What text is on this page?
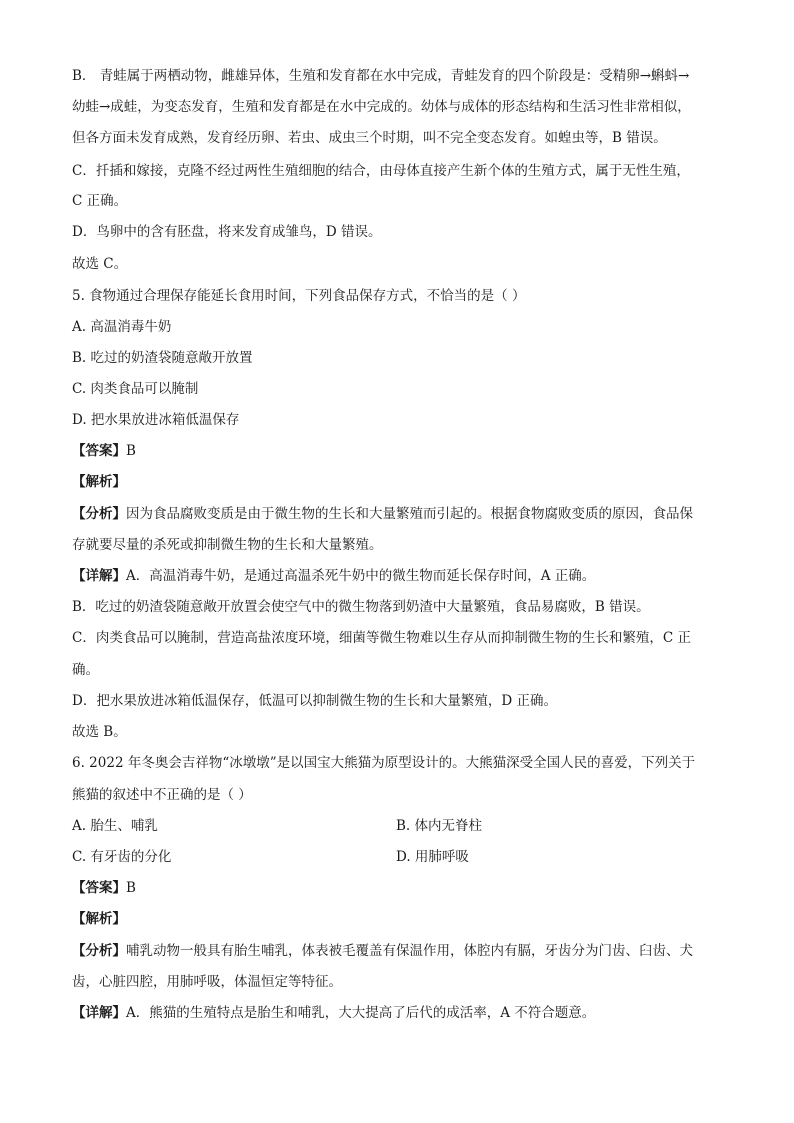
B． 青蛙属于两栖动物，雌雄异体，生殖和发育都在水中完成，青蛙发育的四个阶段是：受精卵→蝌蚪→
幼蛙→成蛙，为变态发育，生殖和发育都是在水中完成的。幼体与成体的形态结构和生活习性非常相似，
但各方面未发育成熟，发育经历卵、若虫、成虫三个时期，叫不完全变态发育。如蝗虫等，B 错误。
C．扦插和嫁接，克隆不经过两性生殖细胞的结合，由母体直接产生新个体的生殖方式，属于无性生殖，
C 正确。
D．鸟卵中的含有胚盘，将来发育成雏鸟，D 错误。
故选 C。
5. 食物通过合理保存能延长食用时间，下列食品保存方式，不恰当的是（ ）
A. 高温消毒牛奶
B. 吃过的奶渣袋随意敞开放置
C. 肉类食品可以腌制
D. 把水果放进冰箱低温保存
【答案】B
【解析】
【分析】因为食品腐败变质是由于微生物的生长和大量繁殖而引起的。根据食物腐败变质的原因，食品保
存就要尽量的杀死或抑制微生物的生长和大量繁殖。
【详解】A．高温消毒牛奶，是通过高温杀死牛奶中的微生物而延长保存时间，A 正确。
B．吃过的奶渣袋随意敞开放置会使空气中的微生物落到奶渣中大量繁殖，食品易腐败，B 错误。
C．肉类食品可以腌制，营造高盐浓度环境，细菌等微生物难以生存从而抑制微生物的生长和繁殖，C 正
确。
D．把水果放进冰箱低温保存，低温可以抑制微生物的生长和大量繁殖，D 正确。
故选 B。
6. 2022 年冬奥会吉祥物“冰墩墩”是以国宝大熊猫为原型设计的。大熊猫深受全国人民的喜爱，下列关于
熊猫的叙述中不正确的是（ ）
A. 胎生、哺乳	B. 体内无脊柱
C. 有牙齿的分化	D. 用肺呼吸
【答案】B
【解析】
【分析】哺乳动物一般具有胎生哺乳，体表被毛覆盖有保温作用，体腔内有膈，牙齿分为门齿、臼齿、犬
齿，心脏四腔，用肺呼吸，体温恒定等特征。
【详解】A．熊猫的生殖特点是胎生和哺乳，大大提高了后代的成活率，A 不符合题意。
